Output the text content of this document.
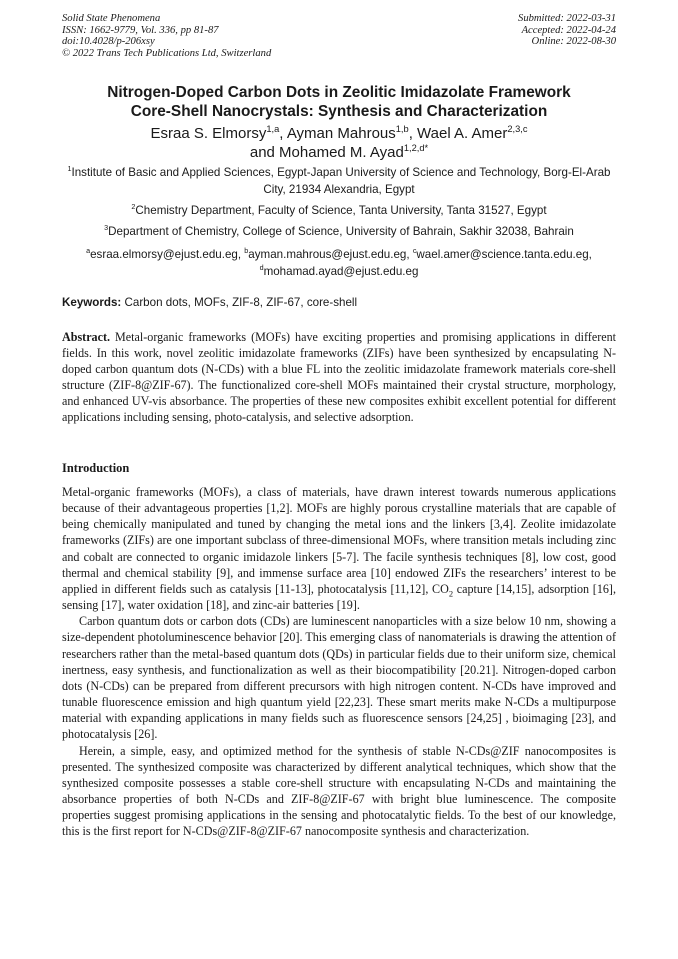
Solid State Phenomena
ISSN: 1662-9779, Vol. 336, pp 81-87
doi:10.4028/p-206xsy
© 2022 Trans Tech Publications Ltd, Switzerland
Submitted: 2022-03-31
Accepted: 2022-04-24
Online: 2022-08-30
Nitrogen-Doped Carbon Dots in Zeolitic Imidazolate Framework
Core-Shell Nanocrystals: Synthesis and Characterization
Esraa S. Elmorsy$^{1,a}$, Ayman Mahrous$^{1,b}$, Wael A. Amer$^{2,3,c}$
and Mohamed M. Ayad$^{1,2,d*}$
$^1$Institute of Basic and Applied Sciences, Egypt-Japan University of Science and Technology, Borg-El-Arab City, 21934 Alexandria, Egypt
$^2$Chemistry Department, Faculty of Science, Tanta University, Tanta 31527, Egypt
$^3$Department of Chemistry, College of Science, University of Bahrain, Sakhir 32038, Bahrain
$^a$esraa.elmorsy@ejust.edu.eg, $^b$ayman.mahrous@ejust.edu.eg, $^c$wael.amer@science.tanta.edu.eg,
$^d$mohamad.ayad@ejust.edu.eg
Keywords: Carbon dots, MOFs, ZIF-8, ZIF-67, core-shell
Abstract. Metal-organic frameworks (MOFs) have exciting properties and promising applications in different fields. In this work, novel zeolitic imidazolate frameworks (ZIFs) have been synthesized by encapsulating N-doped carbon quantum dots (N-CDs) with a blue FL into the zeolitic imidazolate framework materials core-shell structure (ZIF-8@ZIF-67). The functionalized core-shell MOFs maintained their crystal structure, morphology, and enhanced UV-vis absorbance. The properties of these new composites exhibit excellent potential for different applications including sensing, photo-catalysis, and selective adsorption.
Introduction

Metal-organic frameworks (MOFs), a class of materials, have drawn interest towards numerous applications because of their advantageous properties [1,2]. MOFs are highly porous crystalline materials that are capable of being chemically manipulated and tuned by changing the metal ions and the linkers [3,4]. Zeolite imidazolate frameworks (ZIFs) are one important subclass of three-dimensional MOFs, where transition metals including zinc and cobalt are connected to organic imidazole linkers [5-7]. The facile synthesis techniques [8], low cost, good thermal and chemical stability [9], and immense surface area [10] endowed ZIFs the researchers’ interest to be applied in different fields such as catalysis [11-13], photocatalysis [11,12], $CO_2$ capture [14,15], adsorption [16], sensing [17], water oxidation [18], and zinc-air batteries [19].

Carbon quantum dots or carbon dots (CDs) are luminescent nanoparticles with a size below 10 nm, showing a size-dependent photoluminescence behavior [20]. This emerging class of nanomaterials is drawing the attention of researchers rather than the metal-based quantum dots (QDs) in particular fields due to their uniform size, chemical inertness, easy synthesis, and functionalization as well as their biocompatibility [20.21]. Nitrogen-doped carbon dots (N-CDs) can be prepared from different precursors with high nitrogen content. N-CDs have improved and tunable fluorescence emission and high quantum yield [22,23]. These smart merits make N-CDs a multipurpose material with expanding applications in many fields such as fluorescence sensors [24,25] , bioimaging [23], and photocatalysis [26].

Herein, a simple, easy, and optimized method for the synthesis of stable N-CDs@ZIF nanocomposites is presented. The synthesized composite was characterized by different analytical techniques, which show that the synthesized composite possesses a stable core-shell structure with encapsulating N-CDs and maintaining the absorbance properties of both N-CDs and ZIF-8@ZIF-67 with bright blue luminescence. The composite properties suggest promising applications in the sensing and photocatalytic fields. To the best of our knowledge, this is the first report for N-CDs@ZIF-8@ZIF-67 nanocomposite synthesis and characterization.
